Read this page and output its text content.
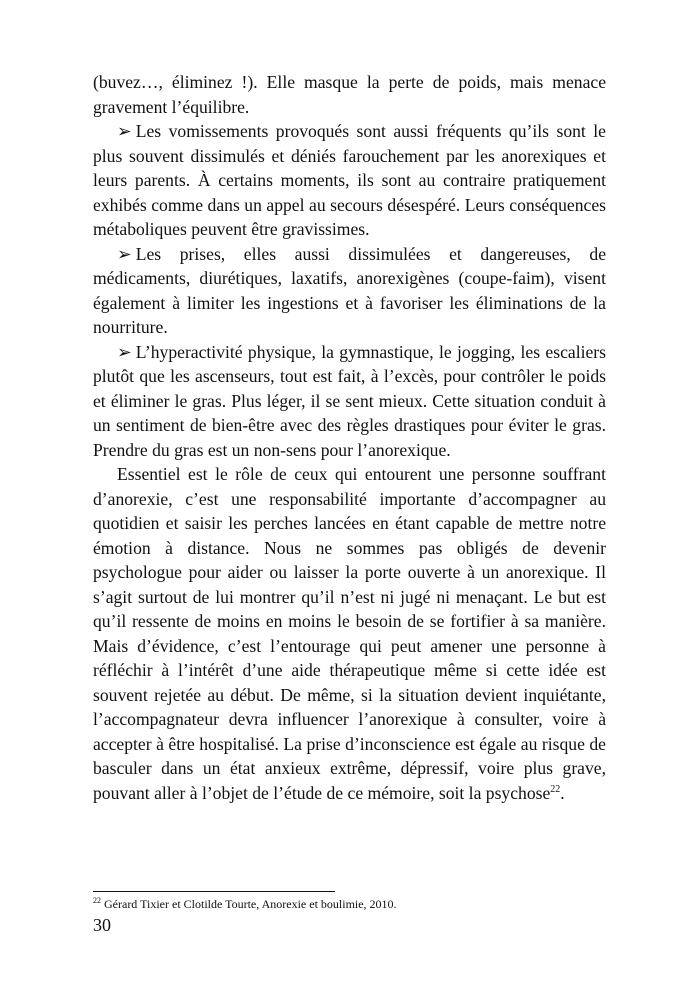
(buvez…, éliminez !). Elle masque la perte de poids, mais menace gravement l’équilibre.

➢ Les vomissements provoqués sont aussi fréquents qu’ils sont le plus souvent dissimulés et déniés farouchement par les anorexiques et leurs parents. À certains moments, ils sont au contraire pratiquement exhibés comme dans un appel au secours désespéré. Leurs conséquences métaboliques peuvent être gravissimes.

➢ Les prises, elles aussi dissimulées et dangereuses, de médicaments, diurétiques, laxatifs, anorexigènes (coupe-faim), visent également à limiter les ingestions et à favoriser les éliminations de la nourriture.

➢ L’hyperactivité physique, la gymnastique, le jogging, les escaliers plutôt que les ascenseurs, tout est fait, à l’excès, pour contrôler le poids et éliminer le gras. Plus léger, il se sent mieux. Cette situation conduit à un sentiment de bien-être avec des règles drastiques pour éviter le gras. Prendre du gras est un non-sens pour l’anorexique.

Essentiel est le rôle de ceux qui entourent une personne souffrant d’anorexie, c’est une responsabilité importante d’accompagner au quotidien et saisir les perches lancées en étant capable de mettre notre émotion à distance. Nous ne sommes pas obligés de devenir psychologue pour aider ou laisser la porte ouverte à un anorexique. Il s’agit surtout de lui montrer qu’il n’est ni jugé ni menaçant. Le but est qu’il ressente de moins en moins le besoin de se fortifier à sa manière. Mais d’évidence, c’est l’entourage qui peut amener une personne à réfléchir à l’intérêt d’une aide thérapeutique même si cette idée est souvent rejetée au début. De même, si la situation devient inquiétante, l’accompagnateur devra influencer l’anorexique à consulter, voire à accepter à être hospitalisé. La prise d’inconscience est égale au risque de basculer dans un état anxieux extrême, dépressif, voire plus grave, pouvant aller à l’objet de l’étude de ce mémoire, soit la psychose$^{22}$.

$^{22}$ Gérard Tixier et Clotilde Tourte, Anorexie et boulimie, 2010.
30
